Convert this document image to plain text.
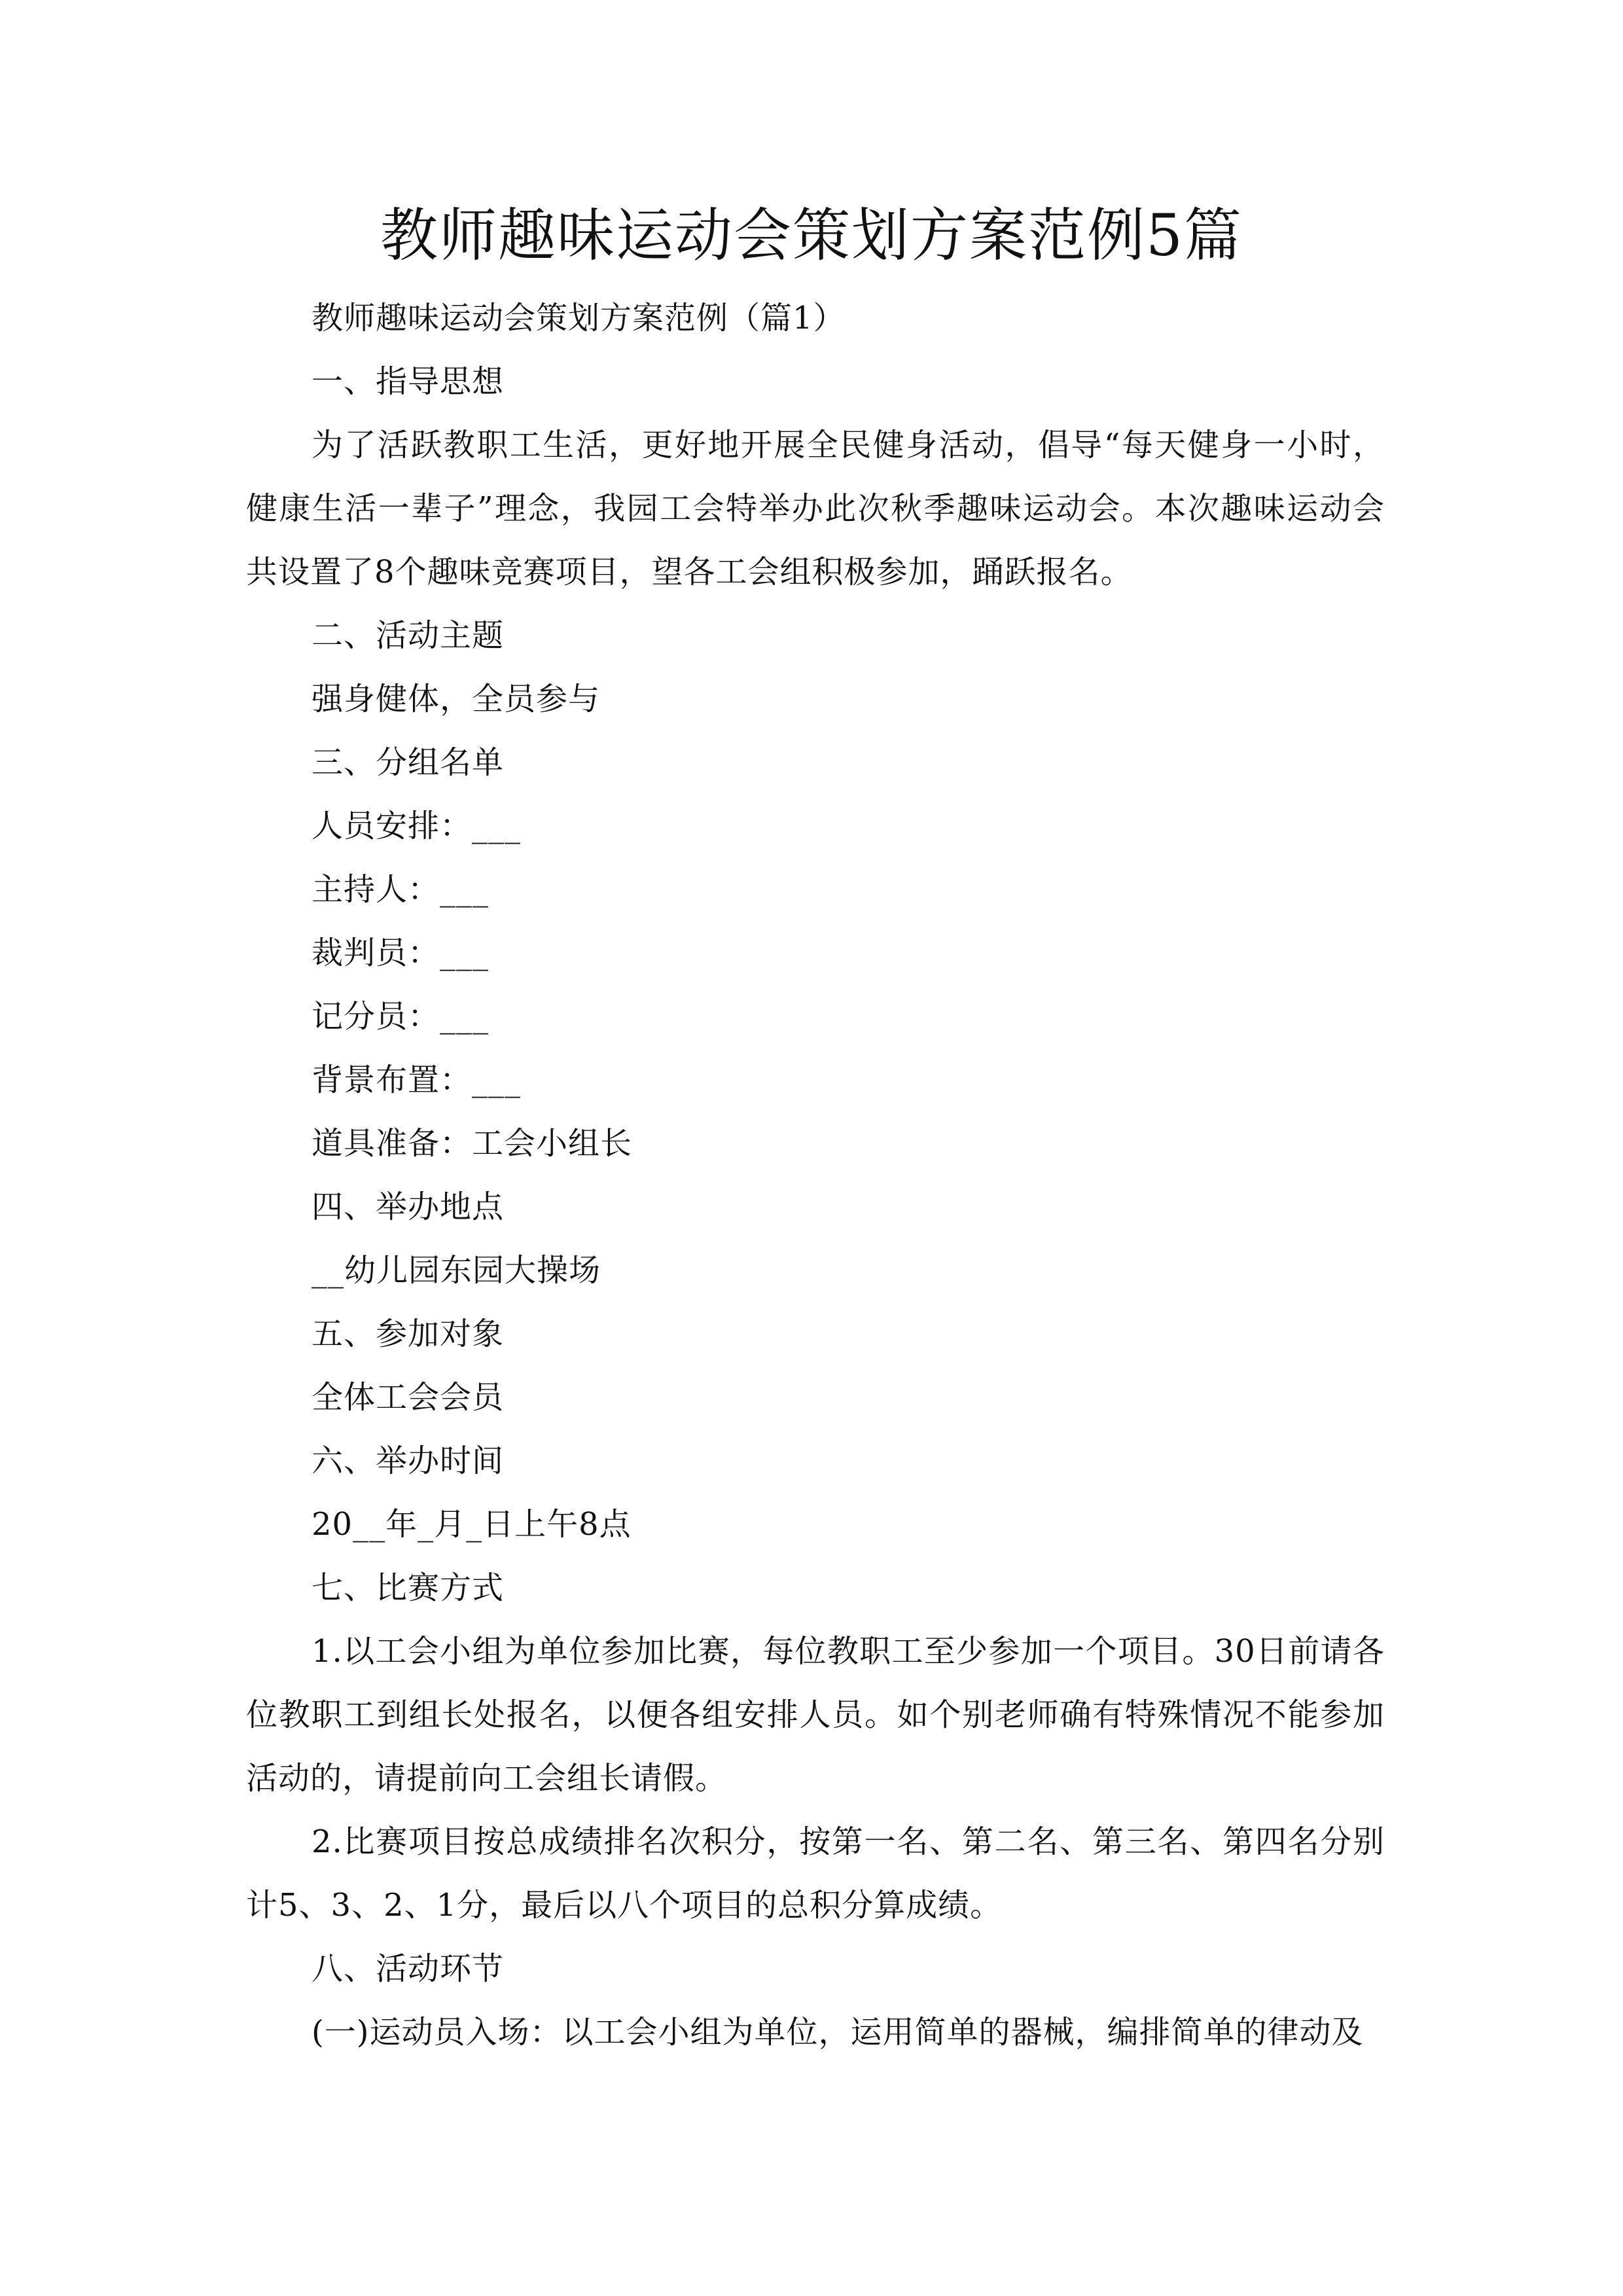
教师趣味运动会策划方案范例5篇

教师趣味运动会策划方案范例（篇1）

一、指导思想

为了活跃教职工生活，更好地开展全民健身活动，倡导“每天健身一小时，健康生活一辈子”理念，我园工会特举办此次秋季趣味运动会。本次趣味运动会共设置了8个趣味竞赛项目，望各工会组积极参加，踊跃报名。

二、活动主题

强身健体，全员参与

三、分组名单

人员安排：___

主持人：___

裁判员：___

记分员：___

背景布置：___

道具准备：工会小组长

四、举办地点

__幼儿园东园大操场

五、参加对象

全体工会会员

六、举办时间

20__年_月_日上午8点

七、比赛方式

1.以工会小组为单位参加比赛，每位教职工至少参加一个项目。30日前请各位教职工到组长处报名，以便各组安排人员。如个别老师确有特殊情况不能参加活动的，请提前向工会组长请假。

2.比赛项目按总成绩排名次积分，按第一名、第二名、第三名、第四名分别计5、3、2、1分，最后以八个项目的总积分算成绩。

八、活动环节

(一)运动员入场：以工会小组为单位，运用简单的器械，编排简单的律动及
